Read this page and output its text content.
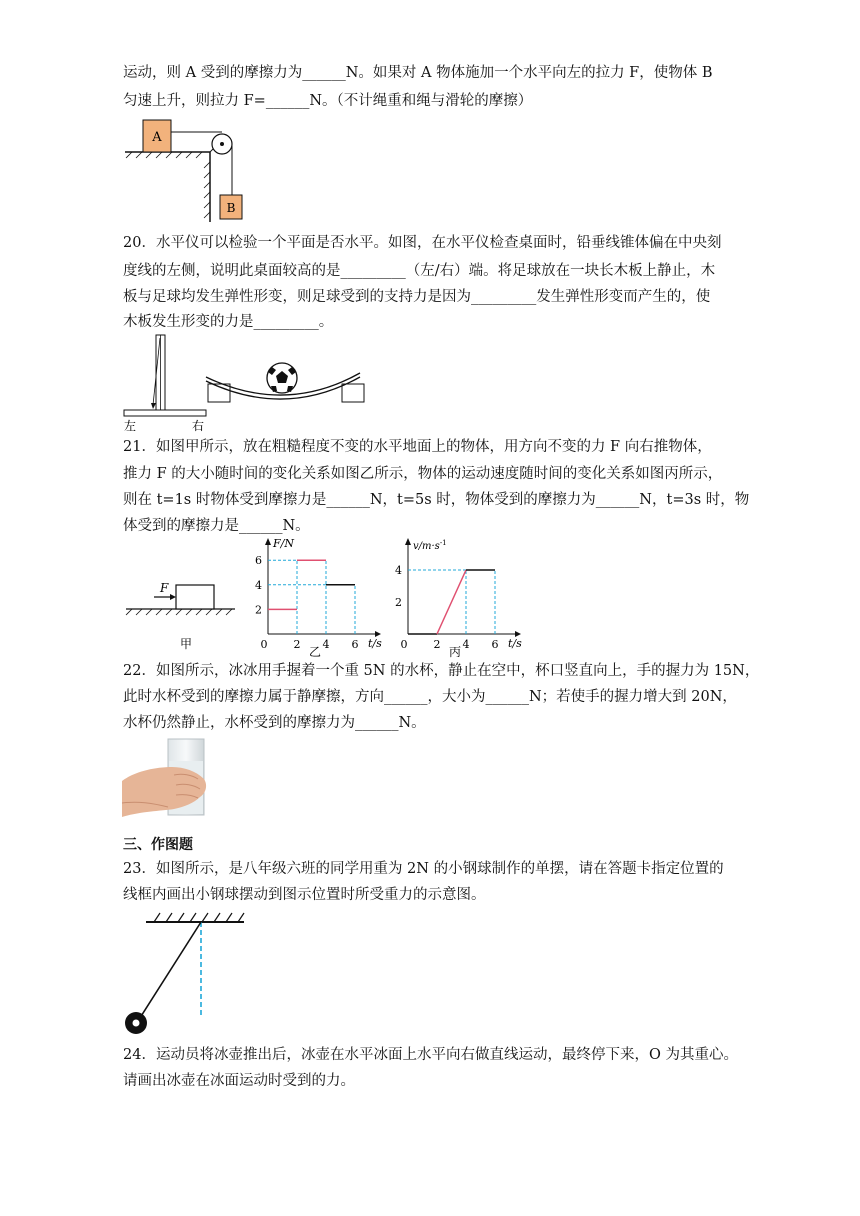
运动，则 A 受到的摩擦力为______N。如果对 A 物体施加一个水平向左的拉力 F，使物体 B
匀速上升，则拉力 F=______N。（不计绳重和绳与滑轮的摩擦）
A
B
20．水平仪可以检验一个平面是否水平。如图，在水平仪检查桌面时，铅垂线锥体偏在中央刻
度线的左侧，说明此桌面较高的是_________（左/右）端。将足球放在一块长木板上静止，木
板与足球均发生弹性形变，则足球受到的支持力是因为_________发生弹性形变而产生的，使
木板发生形变的力是_________。
左	右
21．如图甲所示，放在粗糙程度不变的水平地面上的物体，用方向不变的力 F 向右推物体，
推力 F 的大小随时间的变化关系如图乙所示，物体的运动速度随时间的变化关系如图丙所示，
则在 t=1s 时物体受到摩擦力是______N，t=5s 时，物体受到的摩擦力为______N，t=3s 时，物
体受到的摩擦力是______N。
F
甲
F/N
t/s
0 2 4 6
2
4
6
乙
$v/m\cdot s^{-1}$
t/s
0 2 4 6
2
4
丙
22．如图所示，冰冰用手握着一个重 5N 的水杯，静止在空中，杯口竖直向上，手的握力为 15N，
此时水杯受到的摩擦力属于静摩擦，方向______，大小为______N；若使手的握力增大到 20N，
水杯仍然静止，水杯受到的摩擦力为______N。
三、作图题
23．如图所示，是八年级六班的同学用重为 2N 的小钢球制作的单摆，请在答题卡指定位置的
线框内画出小钢球摆动到图示位置时所受重力的示意图。
24．运动员将冰壶推出后，冰壶在水平冰面上水平向右做直线运动，最终停下来，O 为其重心。
请画出冰壶在冰面运动时受到的力。
